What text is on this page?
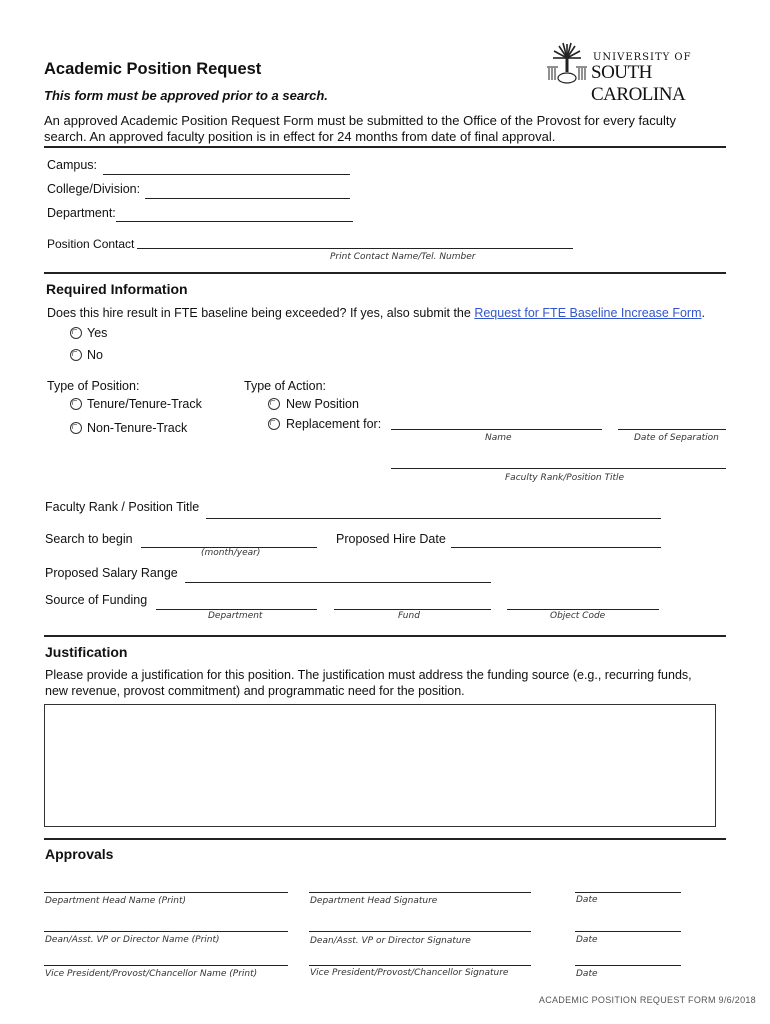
Academic Position Request
This form must be approved prior to a search.
An approved Academic Position Request Form must be submitted to the Office of the Provost for every faculty search. An approved faculty position is in effect for 24 months from date of final approval.
UNIVERSITY OF
SOUTH CAROLINA
Campus:
College/Division:
Department:
Position Contact
Print Contact Name/Tel. Number
Required Information
Does this hire result in FTE baseline being exceeded? If yes, also submit the Request for FTE Baseline Increase Form.
Yes
No
Type of Position:
Tenure/Tenure-Track
Non-Tenure-Track
Type of Action:
New Position
Replacement for:
Name	Date of Separation
Faculty Rank/Position Title
Faculty Rank / Position Title
Search to begin
(month/year)
Proposed Hire Date
Proposed Salary Range
Source of Funding
Department	Fund	Object Code
Justification
Please provide a justification for this position. The justification must address the funding source (e.g., recurring funds, new revenue, provost commitment) and programmatic need for the position.
Approvals
Department Head Name (Print)	Department Head Signature	Date
Dean/Asst. VP or Director Name (Print)	Dean/Asst. VP or Director Signature	Date
Vice President/Provost/Chancellor Name (Print)	Vice President/Provost/Chancellor Signature	Date
ACADEMIC POSITION REQUEST FORM 9/6/2018
